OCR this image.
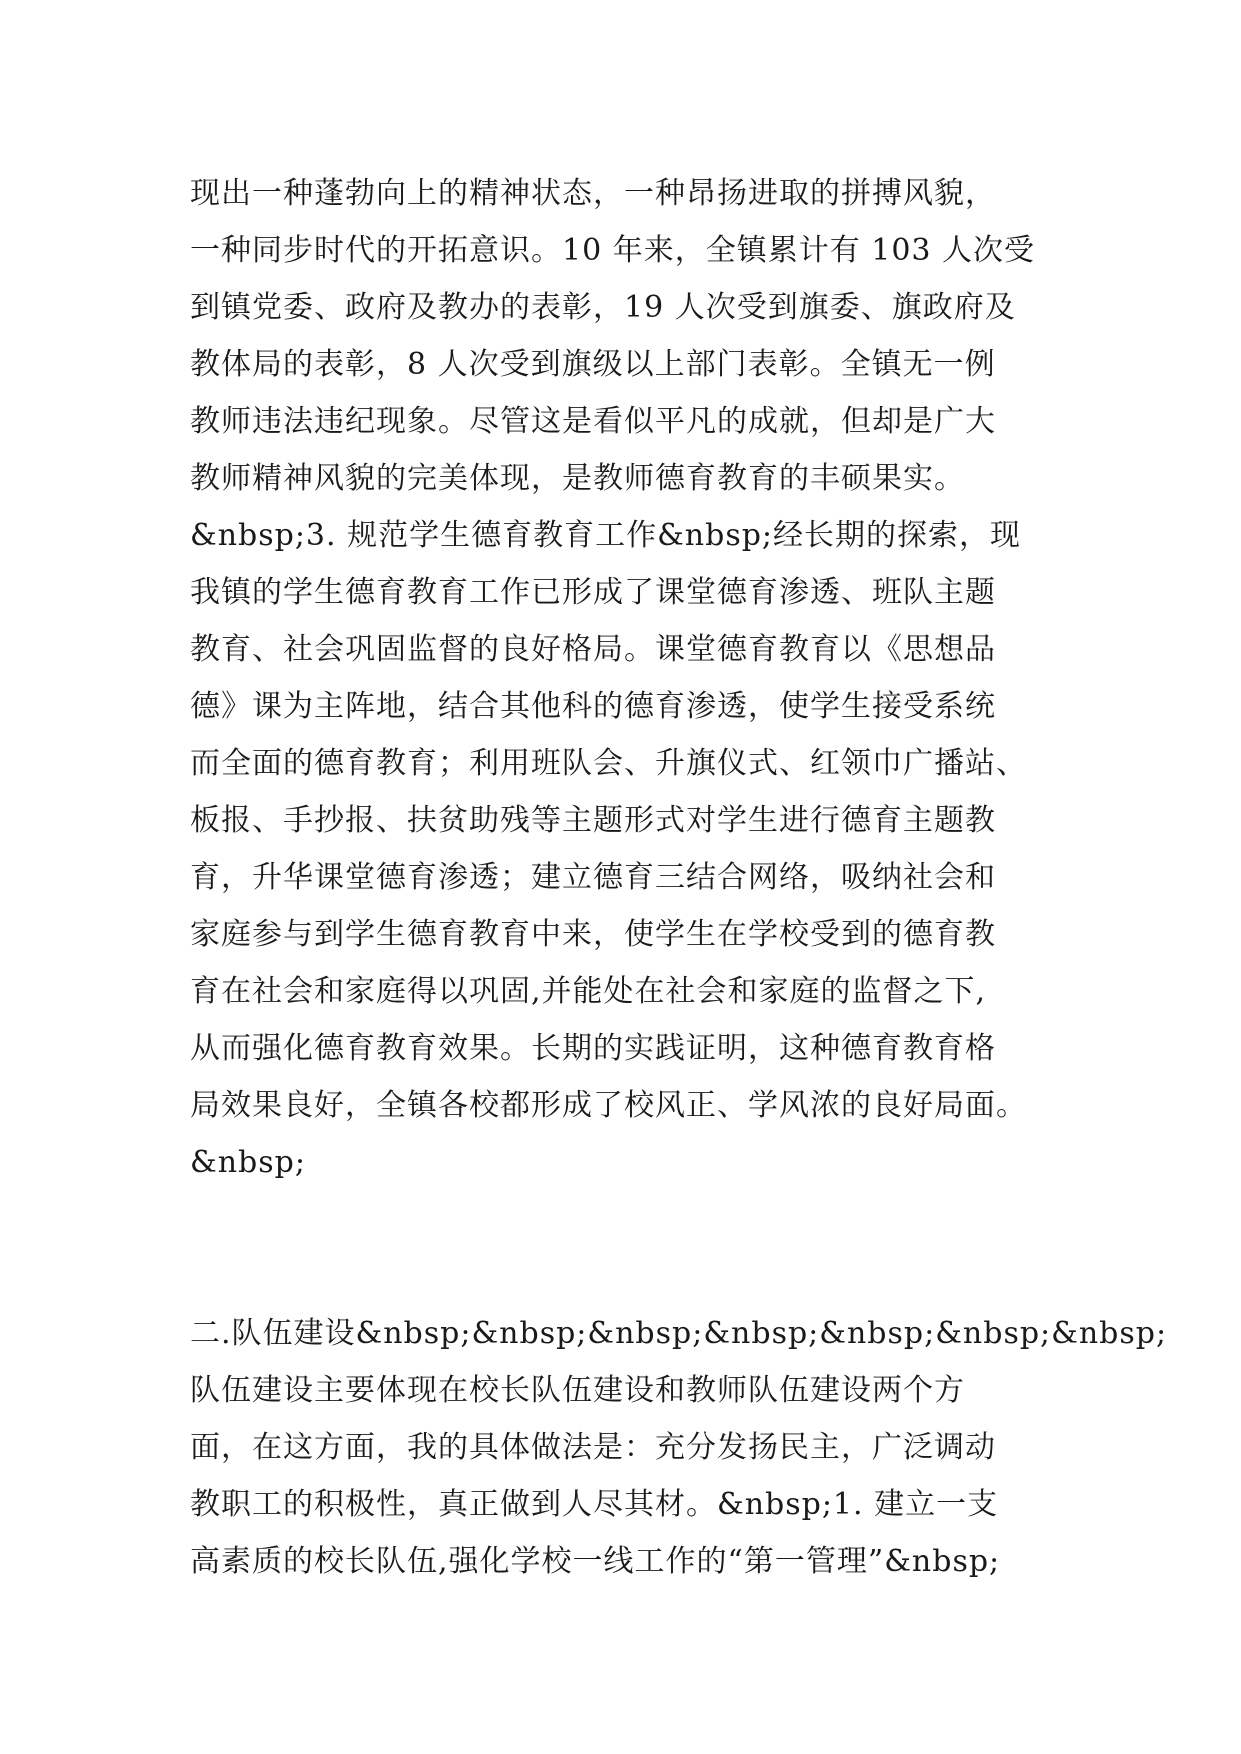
现出一种蓬勃向上的精神状态，一种昂扬进取的拼搏风貌，
一种同步时代的开拓意识。10 年来，全镇累计有 103 人次受
到镇党委、政府及教办的表彰，19 人次受到旗委、旗政府及
教体局的表彰，8 人次受到旗级以上部门表彰。全镇无一例
教师违法违纪现象。尽管这是看似平凡的成就，但却是广大
教师精神风貌的完美体现，是教师德育教育的丰硕果实。
&nbsp;3. 规范学生德育教育工作&nbsp;经长期的探索，现
我镇的学生德育教育工作已形成了课堂德育渗透、班队主题
教育、社会巩固监督的良好格局。课堂德育教育以《思想品
德》课为主阵地，结合其他科的德育渗透，使学生接受系统
而全面的德育教育；利用班队会、升旗仪式、红领巾广播站、
板报、手抄报、扶贫助残等主题形式对学生进行德育主题教
育，升华课堂德育渗透；建立德育三结合网络，吸纳社会和
家庭参与到学生德育教育中来，使学生在学校受到的德育教
育在社会和家庭得以巩固,并能处在社会和家庭的监督之下,
从而强化德育教育效果。长期的实践证明，这种德育教育格
局效果良好，全镇各校都形成了校风正、学风浓的良好局面。
&nbsp;
二.队伍建设&nbsp;&nbsp;&nbsp;&nbsp;&nbsp;&nbsp;&nbsp;
队伍建设主要体现在校长队伍建设和教师队伍建设两个方
面，在这方面，我的具体做法是：充分发扬民主，广泛调动
教职工的积极性，真正做到人尽其材。&nbsp;1. 建立一支
高素质的校长队伍,强化学校一线工作的“第一管理”&nbsp;
